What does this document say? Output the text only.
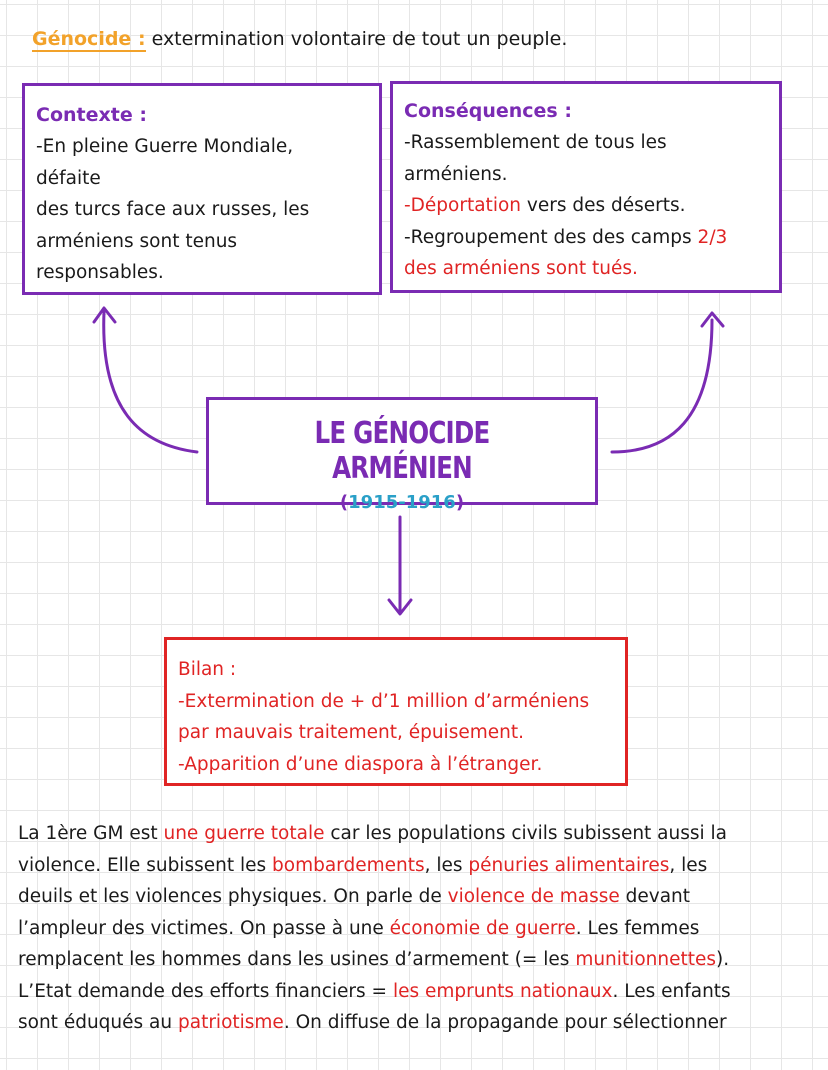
Génocide : extermination volontaire de tout un peuple.
Contexte :
-En pleine Guerre Mondiale,
défaite
des turcs face aux russes, les
arméniens sont tenus
responsables.
Conséquences :
-Rassemblement de tous les
arméniens.
-Déportation vers des déserts.
-Regroupement des des camps 2/3
des arméniens sont tués.
LE GÉNOCIDE ARMÉNIEN
(1915-1916)
Bilan :
-Extermination de + d’1 million d’arméniens
par mauvais traitement, épuisement.
-Apparition d’une diaspora à l’étranger.
La 1ère GM est une guerre totale car les populations civils subissent aussi la
violence. Elle subissent les bombardements, les pénuries alimentaires, les
deuils et les violences physiques. On parle de violence de masse devant
l’ampleur des victimes. On passe à une économie de guerre. Les femmes
remplacent les hommes dans les usines d’armement (= les munitionnettes).
L’Etat demande des efforts financiers = les emprunts nationaux. Les enfants
sont éduqués au patriotisme. On diffuse de la propagande pour sélectionner
